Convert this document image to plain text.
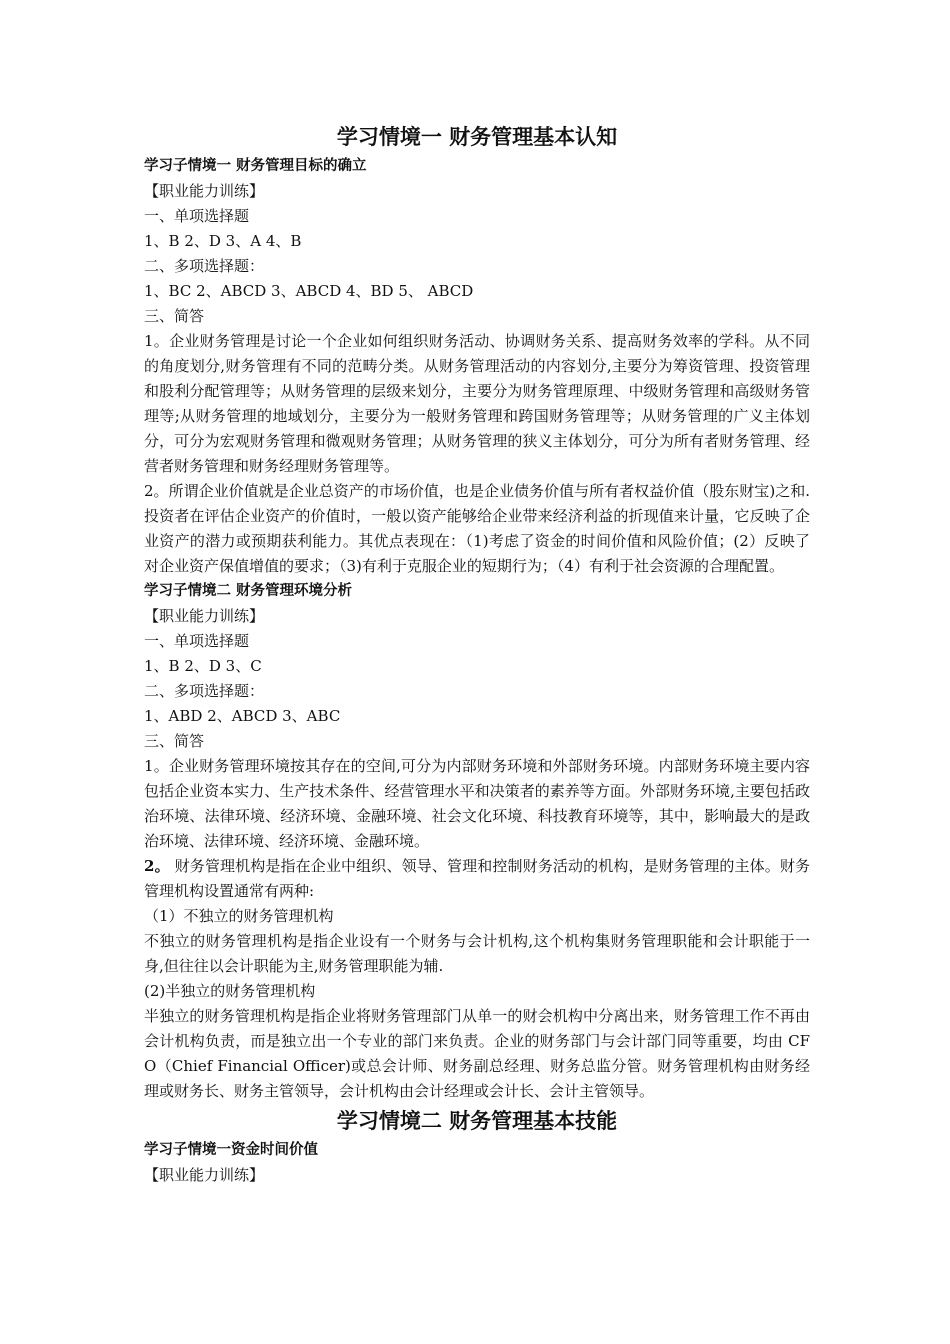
学习情境一 财务管理基本认知
学习子情境一 财务管理目标的确立

【职业能力训练】

一、单项选择题

1、B 2、D 3、A 4、B

二、多项选择题：

1、BC 2、ABCD 3、ABCD 4、BD 5、 ABCD

三、简答

1。企业财务管理是讨论一个企业如何组织财务活动、协调财务关系、提高财务效率的学科。从不同的角度划分,财务管理有不同的范畴分类。从财务管理活动的内容划分,主要分为筹资管理、投资管理和股利分配管理等；从财务管理的层级来划分，主要分为财务管理原理、中级财务管理和高级财务管理等;从财务管理的地域划分，主要分为一般财务管理和跨国财务管理等；从财务管理的广义主体划分，可分为宏观财务管理和微观财务管理；从财务管理的狭义主体划分，可分为所有者财务管理、经营者财务管理和财务经理财务管理等。

2。所谓企业价值就是企业总资产的市场价值，也是企业债务价值与所有者权益价值（股东财宝)之和.投资者在评估企业资产的价值时，一般以资产能够给企业带来经济利益的折现值来计量，它反映了企业资产的潜力或预期获利能力。其优点表现在：（1)考虑了资金的时间价值和风险价值；(2）反映了对企业资产保值增值的要求；（3)有利于克服企业的短期行为；（4）有利于社会资源的合理配置。

学习子情境二 财务管理环境分析

【职业能力训练】

一、单项选择题

1、B 2、D 3、C

二、多项选择题：

1、ABD 2、ABCD 3、ABC

三、简答

1。企业财务管理环境按其存在的空间,可分为内部财务环境和外部财务环境。内部财务环境主要内容包括企业资本实力、生产技术条件、经营管理水平和决策者的素养等方面。外部财务环境,主要包括政治环境、法律环境、经济环境、金融环境、社会文化环境、科技教育环境等，其中，影响最大的是政治环境、法律环境、经济环境、金融环境。

2。 财务管理机构是指在企业中组织、领导、管理和控制财务活动的机构，是财务管理的主体。财务管理机构设置通常有两种:

（1）不独立的财务管理机构

不独立的财务管理机构是指企业设有一个财务与会计机构,这个机构集财务管理职能和会计职能于一身,但往往以会计职能为主,财务管理职能为辅.

(2)半独立的财务管理机构

半独立的财务管理机构是指企业将财务管理部门从单一的财会机构中分离出来，财务管理工作不再由会计机构负责，而是独立出一个专业的部门来负责。企业的财务部门与会计部门同等重要，均由 CFO（Chief Financial Officer)或总会计师、财务副总经理、财务总监分管。财务管理机构由财务经理或财务长、财务主管领导，会计机构由会计经理或会计长、会计主管领导。

学习情境二 财务管理基本技能
学习子情境一资金时间价值

【职业能力训练】
